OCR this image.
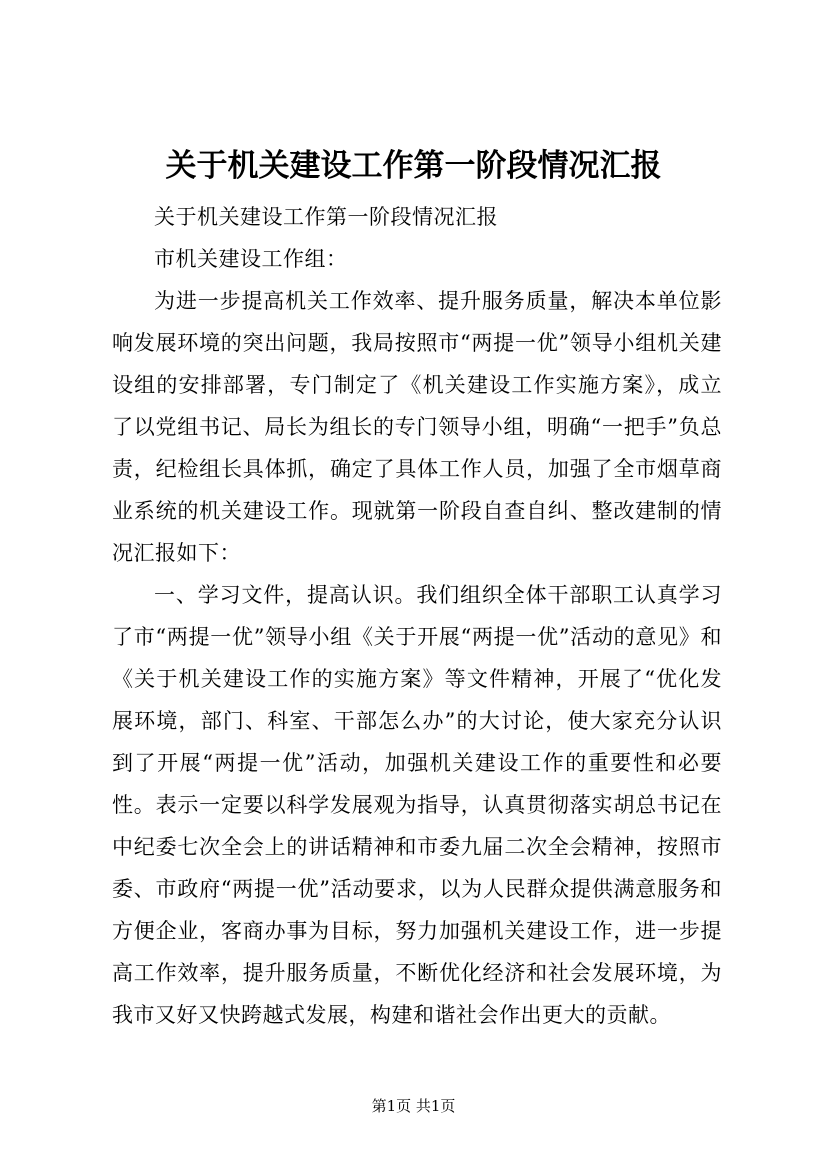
关于机关建设工作第一阶段情况汇报

关于机关建设工作第一阶段情况汇报

市机关建设工作组：

为进一步提高机关工作效率、提升服务质量，解决本单位影响发展环境的突出问题，我局按照市“两提一优”领导小组机关建设组的安排部署，专门制定了《机关建设工作实施方案》，成立了以党组书记、局长为组长的专门领导小组，明确“一把手”负总责，纪检组长具体抓，确定了具体工作人员，加强了全市烟草商业系统的机关建设工作。现就第一阶段自查自纠、整改建制的情况汇报如下：

一、学习文件，提高认识。我们组织全体干部职工认真学习了市“两提一优”领导小组《关于开展“两提一优”活动的意见》和《关于机关建设工作的实施方案》等文件精神，开展了“优化发展环境，部门、科室、干部怎么办”的大讨论，使大家充分认识到了开展“两提一优”活动，加强机关建设工作的重要性和必要性。表示一定要以科学发展观为指导，认真贯彻落实胡总书记在中纪委七次全会上的讲话精神和市委九届二次全会精神，按照市委、市政府“两提一优”活动要求，以为人民群众提供满意服务和方便企业，客商办事为目标，努力加强机关建设工作，进一步提高工作效率，提升服务质量，不断优化经济和社会发展环境，为我市又好又快跨越式发展，构建和谐社会作出更大的贡献。

第1页 共1页
